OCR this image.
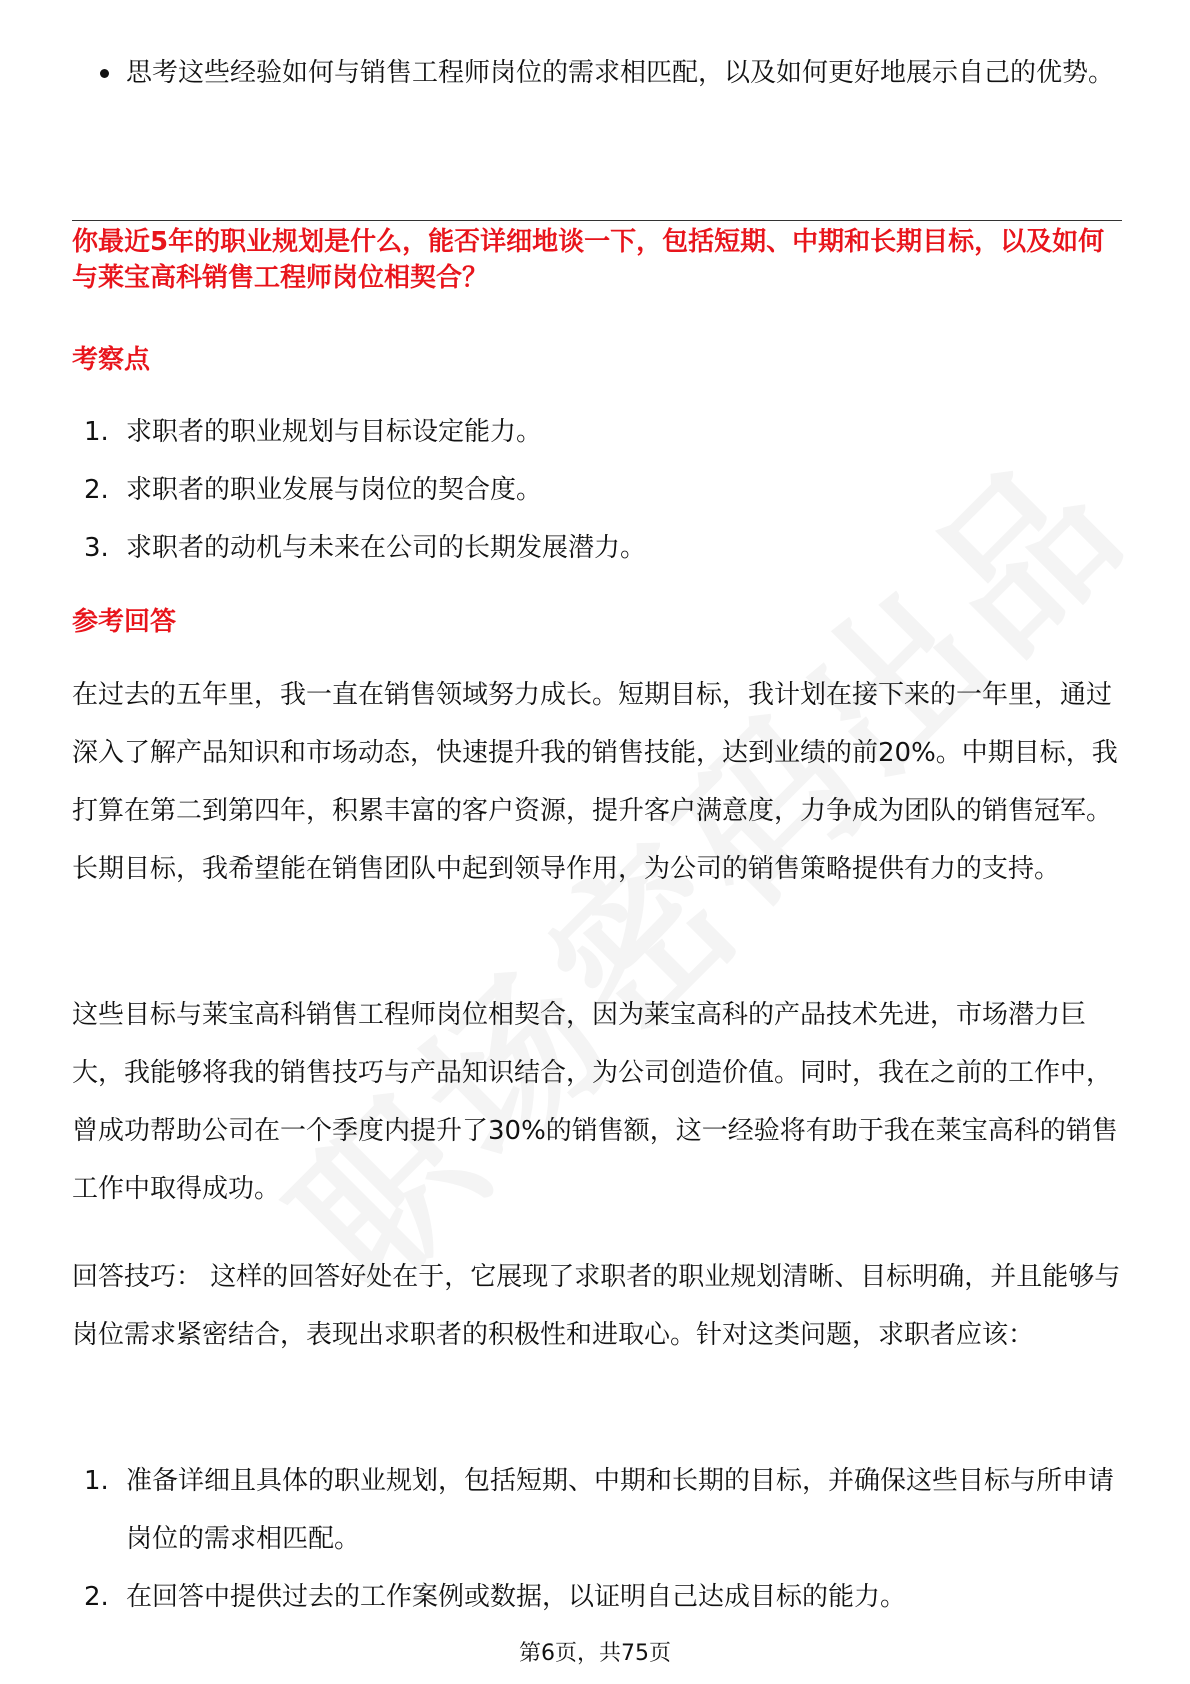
思考这些经验如何与销售工程师岗位的需求相匹配，以及如何更好地展示自己的优势。

你最近5年的职业规划是什么，能否详细地谈一下，包括短期、中期和长期目标，以及如何与莱宝高科销售工程师岗位相契合？

考察点

1. 求职者的职业规划与目标设定能力。
2. 求职者的职业发展与岗位的契合度。
3. 求职者的动机与未来在公司的长期发展潜力。

参考回答

在过去的五年里，我一直在销售领域努力成长。短期目标，我计划在接下来的一年里，通过深入了解产品知识和市场动态，快速提升我的销售技能，达到业绩的前20%。中期目标，我打算在第二到第四年，积累丰富的客户资源，提升客户满意度，力争成为团队的销售冠军。长期目标，我希望能在销售团队中起到领导作用，为公司的销售策略提供有力的支持。

这些目标与莱宝高科销售工程师岗位相契合，因为莱宝高科的产品技术先进，市场潜力巨大，我能够将我的销售技巧与产品知识结合，为公司创造价值。同时，我在之前的工作中，曾成功帮助公司在一个季度内提升了30%的销售额，这一经验将有助于我在莱宝高科的销售工作中取得成功。

回答技巧： 这样的回答好处在于，它展现了求职者的职业规划清晰、目标明确，并且能够与岗位需求紧密结合，表现出求职者的积极性和进取心。针对这类问题，求职者应该：

1. 准备详细且具体的职业规划，包括短期、中期和长期的目标，并确保这些目标与所申请岗位的需求相匹配。
2. 在回答中提供过去的工作案例或数据，以证明自己达成目标的能力。
第6页，共75页
